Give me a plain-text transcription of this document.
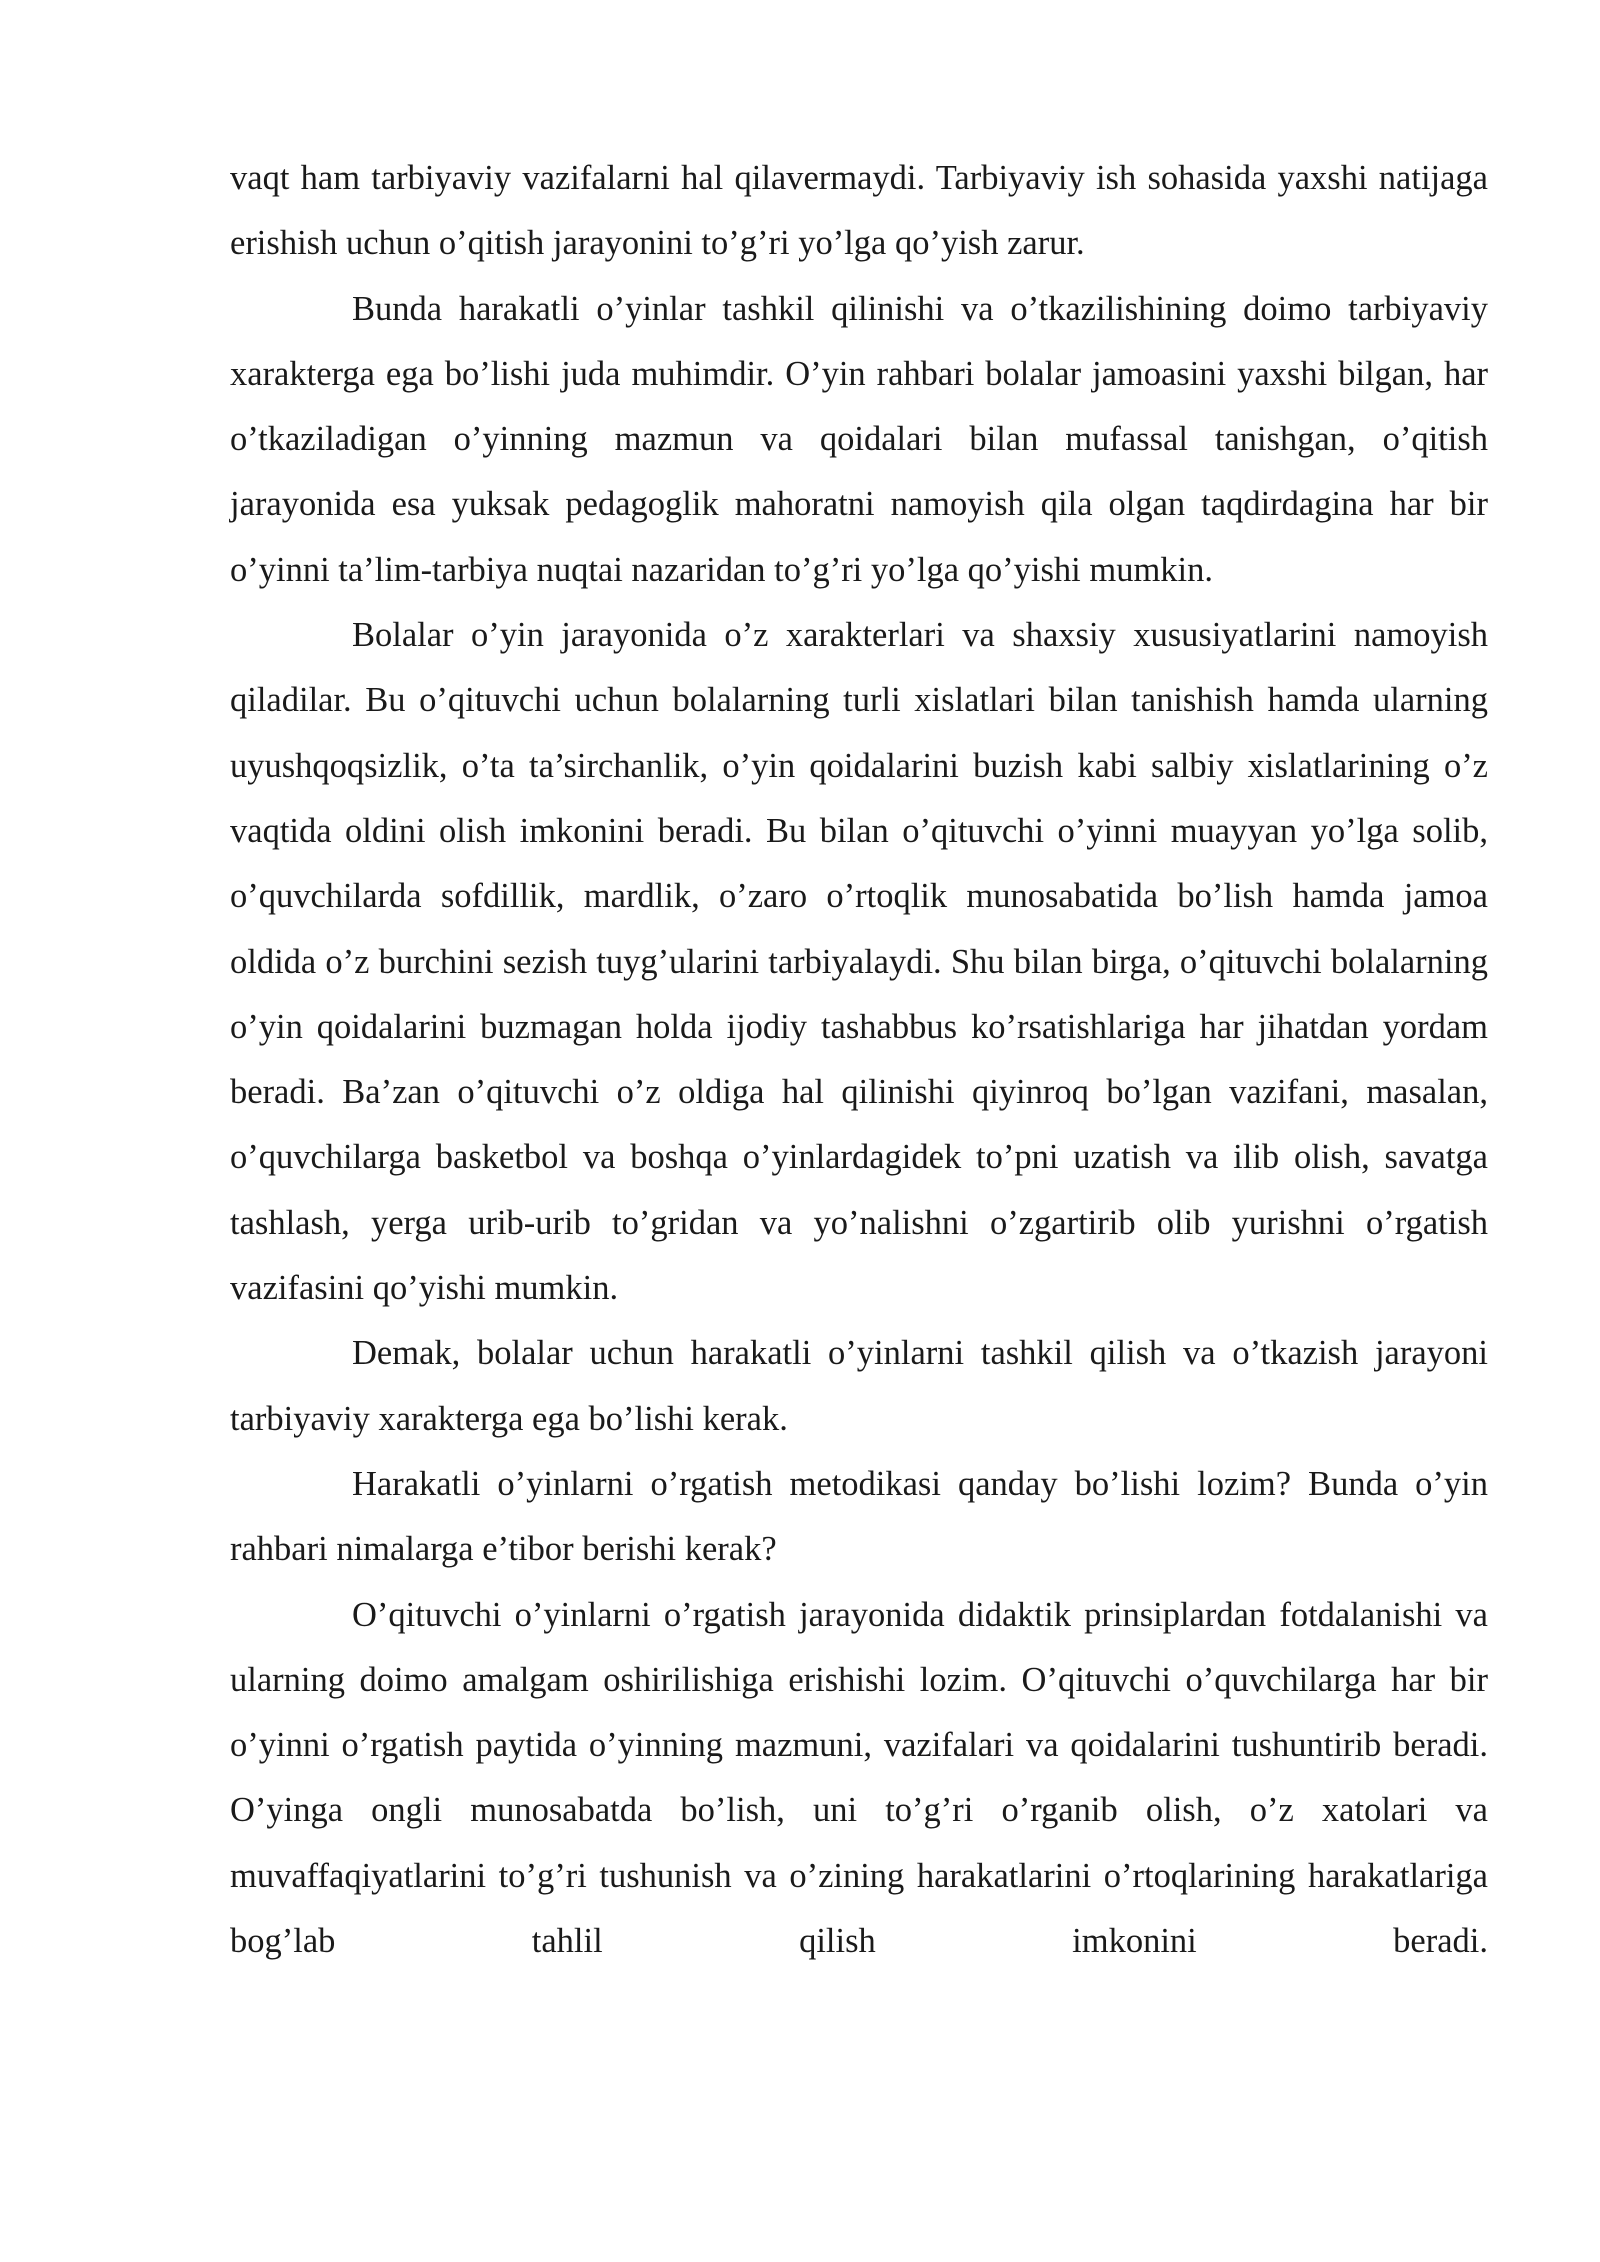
vaqt ham tarbiyaviy vazifalarni hal qilavermaydi. Tarbiyaviy ish sohasida yaxshi natijaga erishish uchun o’qitish jarayonini to’g’ri yo’lga qo’yish zarur.

Bunda harakatli o’yinlar tashkil qilinishi va o’tkazilishining doimo tarbiyaviy xarakterga ega bo’lishi juda muhimdir. O’yin rahbari bolalar jamoasini yaxshi bilgan, har o’tkaziladigan o’yinning mazmun va qoidalari bilan mufassal tanishgan, o’qitish jarayonida esa yuksak pedagoglik mahoratni namoyish qila olgan taqdirdagina har bir o’yinni ta’lim-tarbiya nuqtai nazaridan to’g’ri yo’lga qo’yishi mumkin.

Bolalar o’yin jarayonida o’z xarakterlari va shaxsiy xususiyatlarini namoyish qiladilar. Bu o’qituvchi uchun bolalarning turli xislatlari bilan tanishish hamda ularning uyushqoqsizlik, o’ta ta’sirchanlik, o’yin qoidalarini buzish kabi salbiy xislatlarining o’z vaqtida oldini olish imkonini beradi. Bu bilan o’qituvchi o’yinni muayyan yo’lga solib, o’quvchilarda sofdillik, mardlik, o’zaro o’rtoqlik munosabatida bo’lish hamda jamoa oldida o’z burchini sezish tuyg’ularini tarbiyalaydi. Shu bilan birga, o’qituvchi bolalarning o’yin qoidalarini buzmagan holda ijodiy tashabbus ko’rsatishlariga har jihatdan yordam beradi. Ba’zan o’qituvchi o’z oldiga hal qilinishi qiyinroq bo’lgan vazifani, masalan, o’quvchilarga basketbol va boshqa o’yinlardagidek to’pni uzatish va ilib olish, savatga tashlash, yerga urib-urib to’gridan va yo’nalishni o’zgartirib olib yurishni o’rgatish vazifasini qo’yishi mumkin.

Demak, bolalar uchun harakatli o’yinlarni tashkil qilish va o’tkazish jarayoni tarbiyaviy xarakterga ega bo’lishi kerak.

Harakatli o’yinlarni o’rgatish metodikasi qanday bo’lishi lozim? Bunda o’yin rahbari nimalarga e’tibor berishi kerak?

O’qituvchi o’yinlarni o’rgatish jarayonida didaktik prinsiplardan fotdalanishi va ularning doimo amalgam oshirilishiga erishishi lozim. O’qituvchi o’quvchilarga har bir o’yinni o’rgatish paytida o’yinning mazmuni, vazifalari va qoidalarini tushuntirib beradi. O’yinga ongli munosabatda bo’lish, uni to’g’ri o’rganib olish, o’z xatolari va muvaffaqiyatlarini to’g’ri tushunish va o’zining harakatlarini o’rtoqlarining harakatlariga bog’lab tahlil qilish imkonini beradi.
